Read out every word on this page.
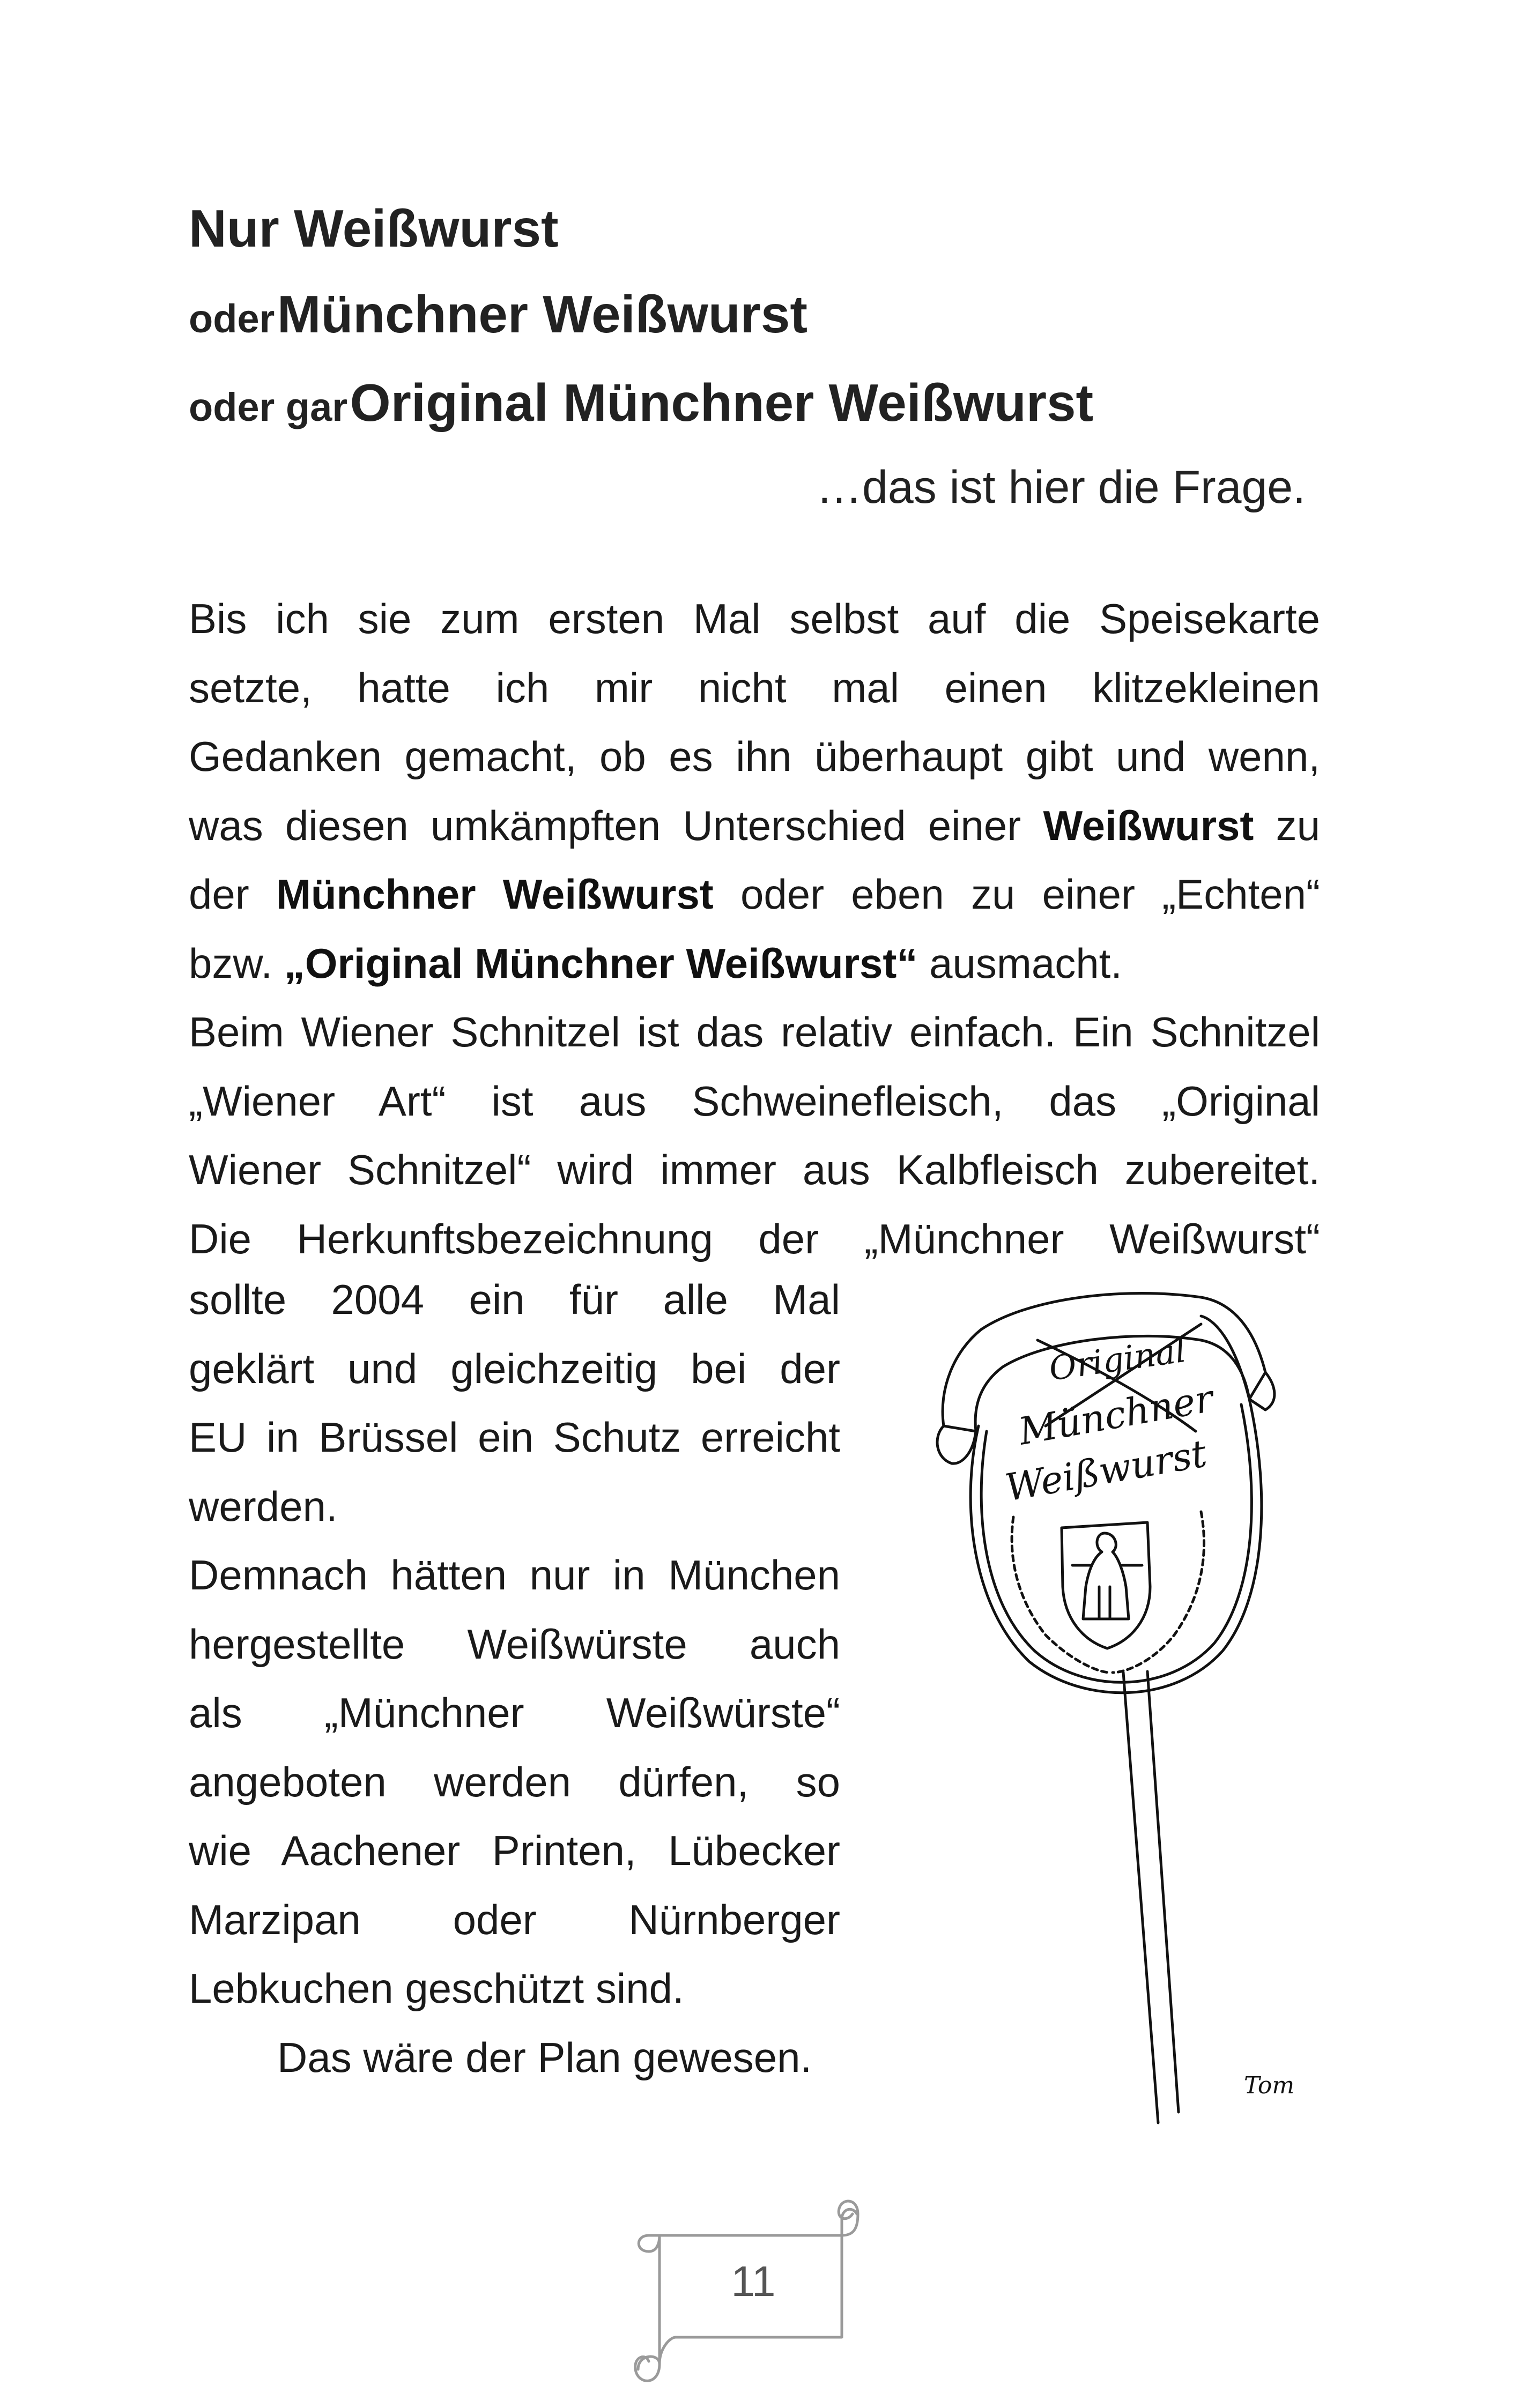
Nur Weißwurst
oder Münchner Weißwurst
oder gar Original Münchner Weißwurst
…das ist hier die Frage.
Bis ich sie zum ersten Mal selbst auf die Speisekarte
setzte, hatte ich mir nicht mal einen klitzekleinen
Gedanken gemacht, ob es ihn überhaupt gibt und wenn,
was diesen umkämpften Unterschied einer Weißwurst zu
der Münchner Weißwurst oder eben zu einer „Echten“
bzw. „Original Münchner Weißwurst“ ausmacht.
Beim Wiener Schnitzel ist das relativ einfach. Ein Schnitzel
„Wiener Art“ ist aus Schweinefleisch, das „Original
Wiener Schnitzel“ wird immer aus Kalbfleisch zubereitet.
Die Herkunftsbezeichnung der „Münchner Weißwurst“
sollte 2004 ein für alle Mal
geklärt und gleichzeitig bei der
EU in Brüssel ein Schutz erreicht
werden.
Demnach hätten nur in München
hergestellte Weißwürste auch
als „Münchner Weißwürste“
angeboten werden dürfen, so
wie Aachener Printen, Lübecker
Marzipan oder Nürnberger
Lebkuchen geschützt sind.
Das wäre der Plan gewesen.
Original
Münchner
Weißwurst
Tom
11
